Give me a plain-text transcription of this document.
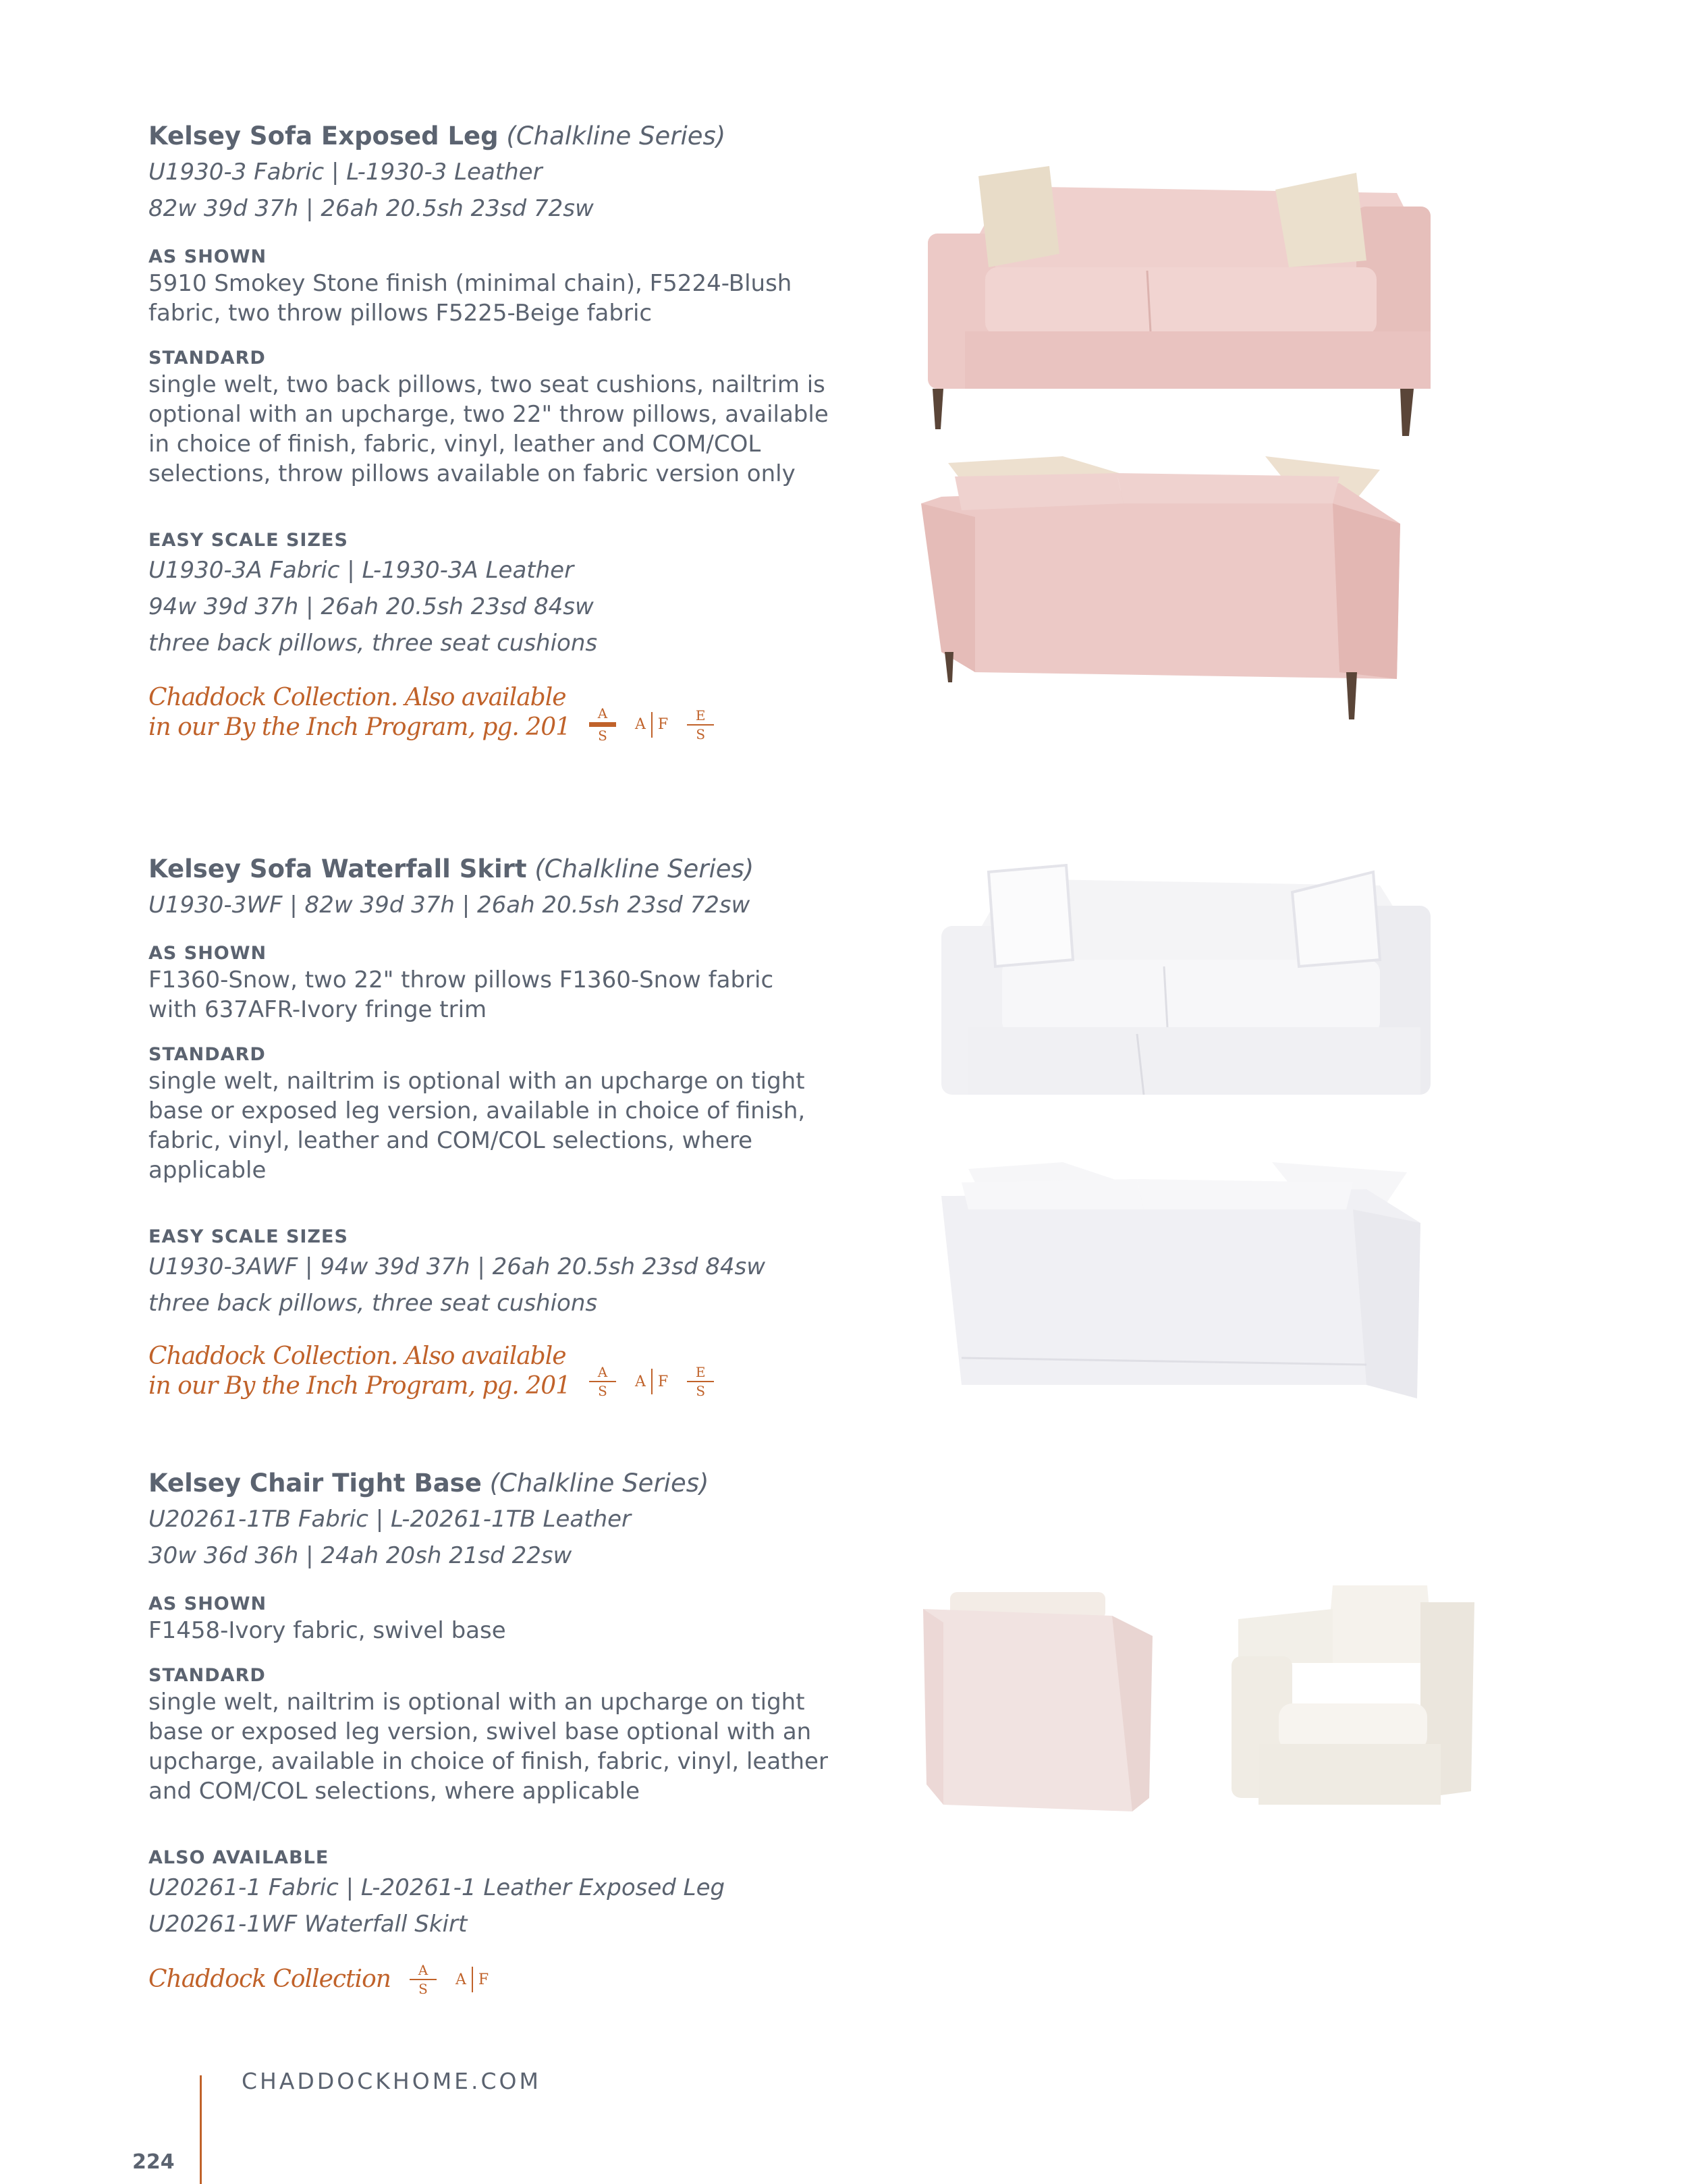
Kelsey Sofa Exposed Leg (Chalkline Series)
U1930-3 Fabric | L-1930-3 Leather
82w 39d 37h | 26ah 20.5sh 23sd 72sw
AS SHOWN
5910 Smokey Stone finish (minimal chain), F5224-Blush fabric, two throw pillows F5225-Beige fabric
STANDARD
single welt, two back pillows, two seat cushions, nailtrim is optional with an upcharge, two 22" throw pillows, available in choice of finish, fabric, vinyl, leather and COM/COL selections, throw pillows available on fabric version only
EASY SCALE SIZES
U1930-3A Fabric | L-1930-3A Leather
94w 39d 37h | 26ah 20.5sh 23sd 84sw
three back pillows, three seat cushions
Chaddock Collection. Also available
in our By the Inch Program, pg. 201 A
S
A F $\frac{E}{S}$
Kelsey Sofa Waterfall Skirt (Chalkline Series)
U1930-3WF | 82w 39d 37h | 26ah 20.5sh 23sd 72sw
AS SHOWN
F1360-Snow, two 22" throw pillows F1360-Snow fabric with 637AFR-Ivory fringe trim
STANDARD
single welt, nailtrim is optional with an upcharge on tight base or exposed leg version, available in choice of finish, fabric, vinyl, leather and COM/COL selections, where applicable
EASY SCALE SIZES
U1930-3AWF | 94w 39d 37h | 26ah 20.5sh 23sd 84sw
three back pillows, three seat cushions
Chaddock Collection. Also available
in our By the Inch Program, pg. $201 \frac{A}{S}$ A F $\frac{E}{S}$
Kelsey Chair Tight Base (Chalkline Series)
U20261-1TB Fabric | L-20261-1TB Leather
30w 36d 36h | 24ah 20sh 21sd 22sw
AS SHOWN
F1458-Ivory fabric, swivel base
STANDARD
single welt, nailtrim is optional with an upcharge on tight base or exposed leg version, swivel base optional with an upcharge, available in choice of finish, fabric, vinyl, leather and COM/COL selections, where applicable
ALSO AVAILABLE
U20261-1 Fabric | L-20261-1 Leather Exposed Leg
U20261-1WF Waterfall Skirt
Chaddock Collection $\frac{A}{S}$ A F
CHADDOCKHOME.COM
224
